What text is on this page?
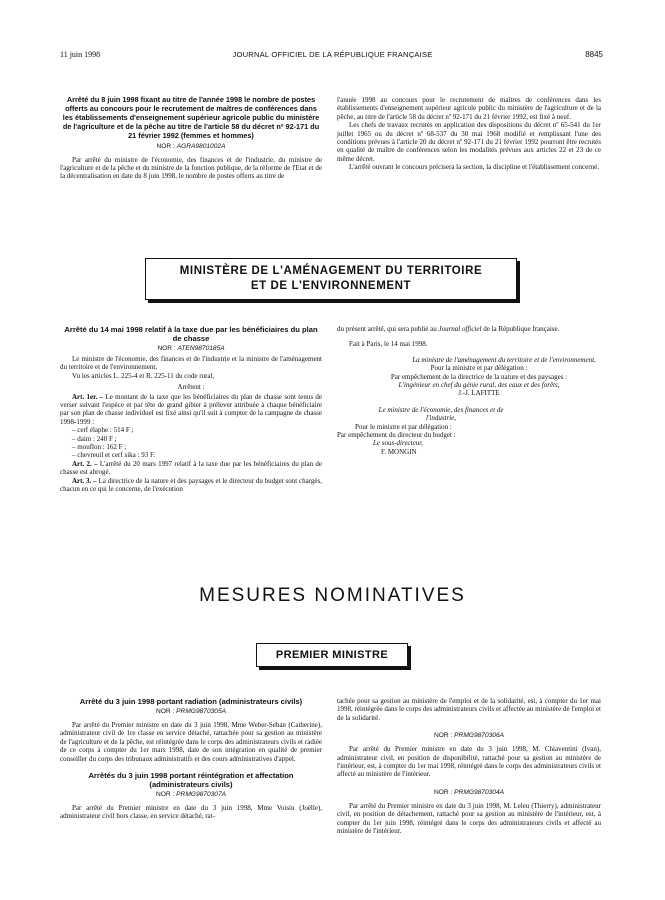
11 juin 1998	JOURNAL OFFICIEL DE LA RÉPUBLIQUE FRANÇAISE	8845

Arrêté du 8 juin 1998 fixant au titre de l'année 1998 le nombre de postes offerts au concours pour le recrutement de maîtres de conférences dans les établissements d'enseignement supérieur agricole public du ministère de l'agriculture et de la pêche au titre de l'article 58 du décret nº 92-171 du 21 février 1992 (femmes et hommes)

NOR : AGRA9801002A

Par arrêté du ministre de l'économie, des finances et de l'industrie, du ministre de l'agriculture et de la pêche et du ministre de la fonction publique, de la réforme de l'Etat et de la décentralisation en date du 8 juin 1998, le nombre de postes offerts au titre de

l'année 1998 au concours pour le recrutement de maîtres de conférences dans les établissements d'enseignement supérieur agricole public du ministère de l'agriculture et de la pêche, au titre de l'article 58 du décret nº 92-171 du 21 février 1992, est fixé à neuf.

Les chefs de travaux recrutés en application des dispositions du décret nº 65-541 du 1er juillet 1965 ou du décret nº 68-537 du 30 mai 1968 modifié et remplissant l'une des conditions prévues à l'article 20 du décret nº 92-171 du 21 février 1992 pourront être recrutés en qualité de maître de conférences selon les modalités prévues aux articles 22 et 23 de ce même décret.

L'arrêté ouvrant le concours précisera la section, la discipline et l'établissement concerné.

MINISTÈRE DE L'AMÉNAGEMENT DU TERRITOIRE

ET DE L'ENVIRONNEMENT

Arrêté du 14 mai 1998 relatif à la taxe due par les bénéficiaires du plan de chasse

NOR : ATEN9870185A

Le ministre de l'économie, des finances et de l'industrie et la ministre de l'aménagement du territoire et de l'environnement,

Vu les articles L. 225-4 et R. 225-11 du code rural,

Arrêtent :

Art. 1er. – Le montant de la taxe que les bénéficiaires du plan de chasse sont tenus de verser suivant l'espèce et par tête de grand gibier à prélever attribuée à chaque bénéficiaire par son plan de chasse individuel est fixé ainsi qu'il suit à compter de la campagne de chasse 1998-1999 :

– cerf élaphe : 514 F ;
– daim : 240 F ;
– mouflon : 162 F ;
– chevreuil et cerf sika : 93 F.

Art. 2. – L'arrêté du 20 mars 1997 relatif à la taxe due par les bénéficiaires du plan de chasse est abrogé.

Art. 3. – La directrice de la nature et des paysages et le directeur du budget sont chargés, chacun en ce qui le concerne, de l'exécution

du présent arrêté, qui sera publié au Journal officiel de la République française.

Fait à Paris, le 14 mai 1998.

La ministre de l'aménagement du territoire et de l'environnement,

Pour la ministre et par délégation :

Par empêchement de la directrice de la nature et des paysages :

L'ingénieur en chef du génie rural, des eaux et des forêts,

J.-J. LAFITTE

Le ministre de l'économie, des finances et de l'industrie,

Pour le ministre et par délégation :

Par empêchement du directeur du budget :

Le sous-directeur,

F. MONGIN

MESURES NOMINATIVES

PREMIER MINISTRE

Arrêté du 3 juin 1998 portant radiation (administrateurs civils)

NOR : PRMG9870305A

Par arrêté du Premier ministre en date du 3 juin 1998, Mme Weber-Seban (Catherine), administrateur civil de 1re classe en service détaché, rattachée pour sa gestion au ministère de l'agriculture et de la pêche, est réintégrée dans le corps des administrateurs civils et radiée de ce corps à compter du 1er mars 1998, date de son intégration en qualité de premier conseiller du corps des tribunaux administratifs et des cours administratives d'appel.

Arrêtés du 3 juin 1998 portant réintégration et affectation (administrateurs civils)

NOR : PRMG9870307A

Par arrêté du Premier ministre en date du 3 juin 1998, Mme Voisin (Joëlle), administrateur civil hors classe, en service détaché, rat-

tachée pour sa gestion au ministère de l'emploi et de la solidarité, est, à compter du 1er mai 1998, réintégrée dans le corps des administrateurs civils et affectée au ministère de l'emploi et de la solidarité.

NOR : PRMG9870306A

Par arrêté du Premier ministre en date du 3 juin 1998, M. Chiaventini (Ivan), administrateur civil, en position de disponibilité, rattaché pour sa gestion au ministère de l'intérieur, est, à compter du 1er mai 1998, réintégré dans le corps des administrateurs civils et affecté au ministère de l'intérieur.

NOR : PRMG9870304A

Par arrêté du Premier ministre en date du 3 juin 1998, M. Leleu (Thierry), administrateur civil, en position de détachement, rattaché pour sa gestion au ministère de l'intérieur, est, à compter du 1er juin 1998, réintégré dans le corps des administrateurs civils et affecté au ministère de l'intérieur.
